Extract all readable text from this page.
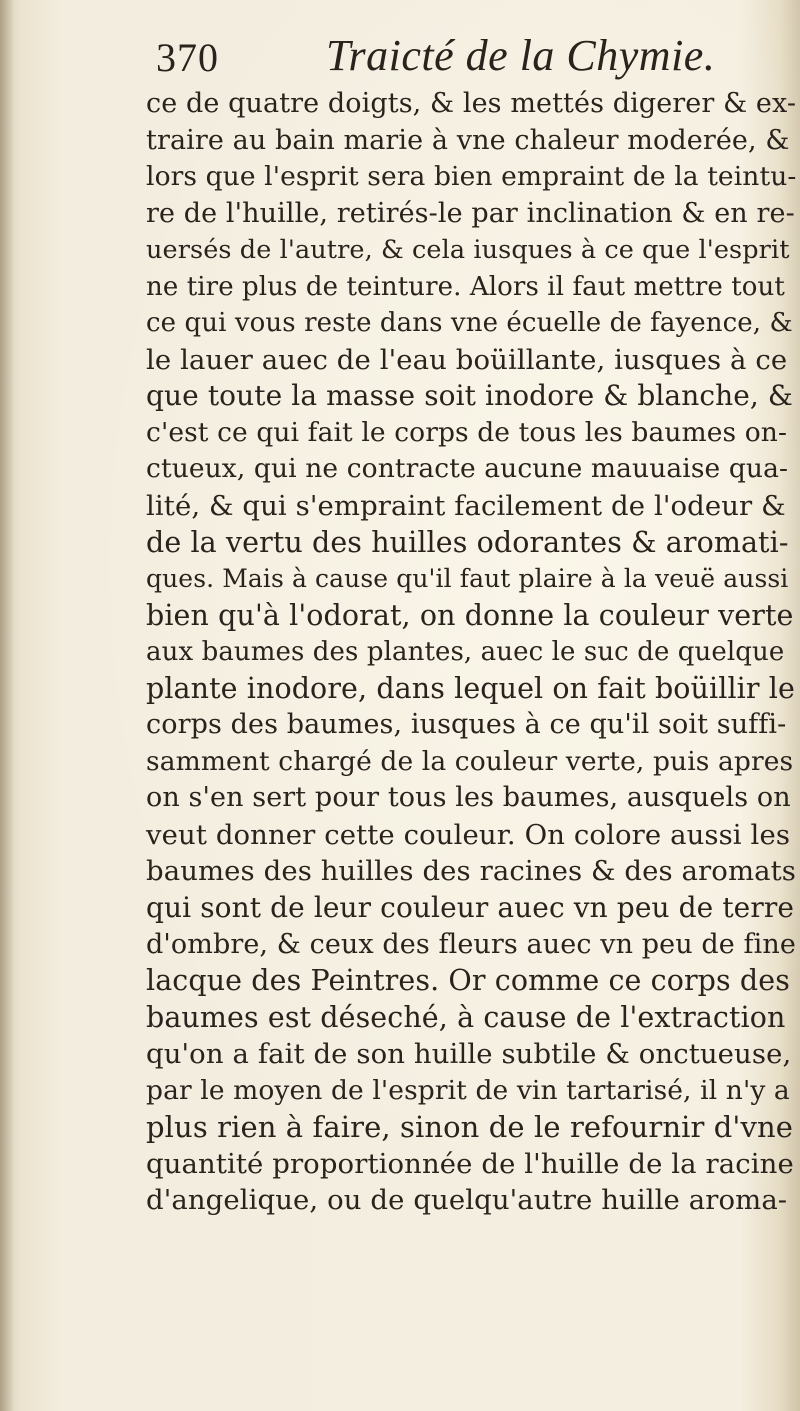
370 Traicté de la Chymie.
ce de quatre doigts, & les mettés digerer & ex-
traire au bain marie à vne chaleur moderée, &
lors que l'esprit sera bien empraint de la teintu-
re de l'huille, retirés-le par inclination & en re-
uersés de l'autre, & cela iusques à ce que l'esprit
ne tire plus de teinture. Alors il faut mettre tout
ce qui vous reste dans vne écuelle de fayence, &
le lauer auec de l'eau boüillante, iusques à ce
que toute la masse soit inodore & blanche, &
c'est ce qui fait le corps de tous les baumes on-
ctueux, qui ne contracte aucune mauuaise qua-
lité, & qui s'empraint facilement de l'odeur &
de la vertu des huilles odorantes & aromati-
ques. Mais à cause qu'il faut plaire à la veuë aussi
bien qu'à l'odorat, on donne la couleur verte
aux baumes des plantes, auec le suc de quelque
plante inodore, dans lequel on fait boüillir le
corps des baumes, iusques à ce qu'il soit suffi-
samment chargé de la couleur verte, puis apres
on s'en sert pour tous les baumes, ausquels on
veut donner cette couleur. On colore aussi les
baumes des huilles des racines & des aromats
qui sont de leur couleur auec vn peu de terre
d'ombre, & ceux des fleurs auec vn peu de fine
lacque des Peintres. Or comme ce corps des
baumes est déseché, à cause de l'extraction
qu'on a fait de son huille subtile & onctueuse,
par le moyen de l'esprit de vin tartarisé, il n'y a
plus rien à faire, sinon de le refournir d'vne
quantité proportionnée de l'huille de la racine
d'angelique, ou de quelqu'autre huille aroma-
